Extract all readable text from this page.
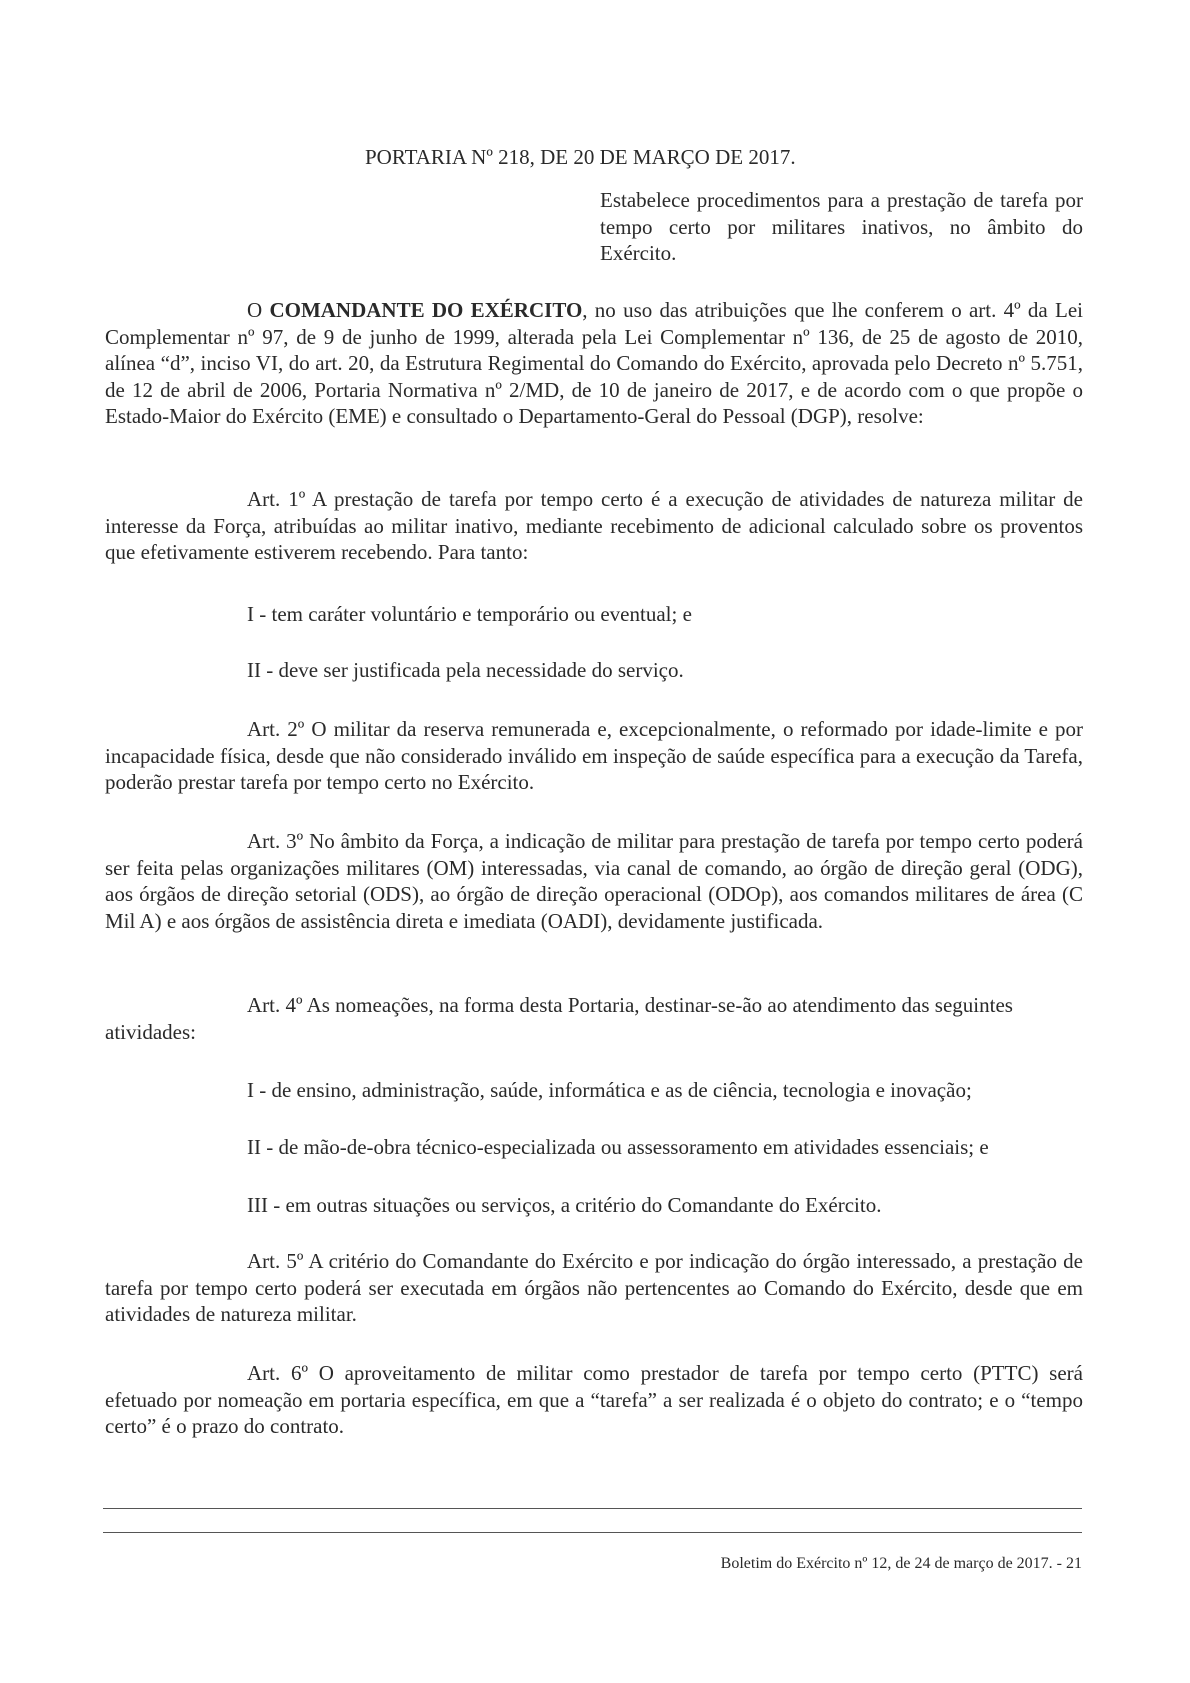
PORTARIA Nº 218, DE 20 DE MARÇO DE 2017.

Estabelece procedimentos para a prestação de tarefa por tempo certo por militares inativos, no âmbito do Exército.

O COMANDANTE DO EXÉRCITO, no uso das atribuições que lhe conferem o art. 4º da Lei Complementar nº 97, de 9 de junho de 1999, alterada pela Lei Complementar nº 136, de 25 de agosto de 2010, alínea “d”, inciso VI, do art. 20, da Estrutura Regimental do Comando do Exército, aprovada pelo Decreto nº 5.751, de 12 de abril de 2006, Portaria Normativa nº 2/MD, de 10 de janeiro de 2017, e de acordo com o que propõe o Estado-Maior do Exército (EME) e consultado o Departamento-Geral do Pessoal (DGP), resolve:

Art. 1º A prestação de tarefa por tempo certo é a execução de atividades de natureza militar de interesse da Força, atribuídas ao militar inativo, mediante recebimento de adicional calculado sobre os proventos que efetivamente estiverem recebendo. Para tanto:

I - tem caráter voluntário e temporário ou eventual; e

II - deve ser justificada pela necessidade do serviço.

Art. 2º O militar da reserva remunerada e, excepcionalmente, o reformado por idade-limite e por incapacidade física, desde que não considerado inválido em inspeção de saúde específica para a execução da Tarefa, poderão prestar tarefa por tempo certo no Exército.

Art. 3º No âmbito da Força, a indicação de militar para prestação de tarefa por tempo certo poderá ser feita pelas organizações militares (OM) interessadas, via canal de comando, ao órgão de direção geral (ODG), aos órgãos de direção setorial (ODS), ao órgão de direção operacional (ODOp), aos comandos militares de área (C Mil A) e aos órgãos de assistência direta e imediata (OADI), devidamente justificada.

Art. 4º As nomeações, na forma desta Portaria, destinar-se-ão ao atendimento das seguintes

atividades:

I - de ensino, administração, saúde, informática e as de ciência, tecnologia e inovação;

II - de mão-de-obra técnico-especializada ou assessoramento em atividades essenciais; e

III - em outras situações ou serviços, a critério do Comandante do Exército.

Art. 5º A critério do Comandante do Exército e por indicação do órgão interessado, a prestação de tarefa por tempo certo poderá ser executada em órgãos não pertencentes ao Comando do Exército, desde que em atividades de natureza militar.

Art. 6º O aproveitamento de militar como prestador de tarefa por tempo certo (PTTC) será efetuado por nomeação em portaria específica, em que a “tarefa” a ser realizada é o objeto do contrato; e o “tempo certo” é o prazo do contrato.

Boletim do Exército nº 12, de 24 de março de 2017. - 21
